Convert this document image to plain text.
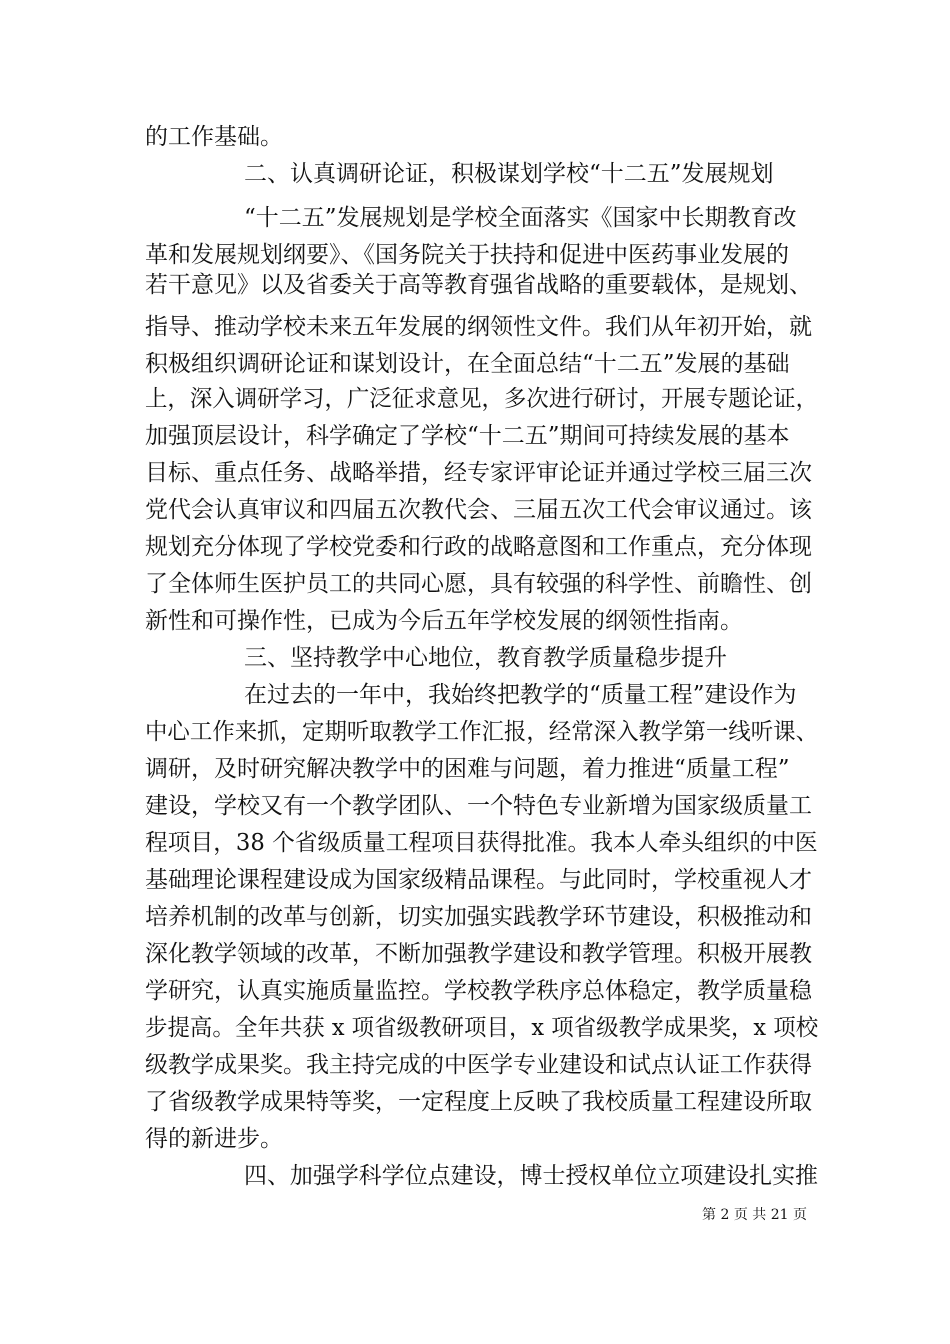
的工作基础。
二、认真调研论证，积极谋划学校“十二五”发展规划
“十二五”发展规划是学校全面落实《国家中长期教育改
革和发展规划纲要》、《国务院关于扶持和促进中医药事业发展的
若干意见》以及省委关于高等教育强省战略的重要载体，是规划、
指导、推动学校未来五年发展的纲领性文件。我们从年初开始，就
积极组织调研论证和谋划设计，在全面总结“十二五”发展的基础
上，深入调研学习，广泛征求意见，多次进行研讨，开展专题论证，
加强顶层设计，科学确定了学校“十二五”期间可持续发展的基本
目标、重点任务、战略举措，经专家评审论证并通过学校三届三次
党代会认真审议和四届五次教代会、三届五次工代会审议通过。该
规划充分体现了学校党委和行政的战略意图和工作重点，充分体现
了全体师生医护员工的共同心愿，具有较强的科学性、前瞻性、创
新性和可操作性，已成为今后五年学校发展的纲领性指南。
三、坚持教学中心地位，教育教学质量稳步提升
在过去的一年中，我始终把教学的“质量工程”建设作为
中心工作来抓，定期听取教学工作汇报，经常深入教学第一线听课、
调研，及时研究解决教学中的困难与问题，着力推进“质量工程”
建设，学校又有一个教学团队、一个特色专业新增为国家级质量工
程项目，38 个省级质量工程项目获得批准。我本人牵头组织的中医
基础理论课程建设成为国家级精品课程。与此同时，学校重视人才
培养机制的改革与创新，切实加强实践教学环节建设，积极推动和
深化教学领域的改革，不断加强教学建设和教学管理。积极开展教
学研究，认真实施质量监控。学校教学秩序总体稳定，教学质量稳
步提高。全年共获 x 项省级教研项目，x 项省级教学成果奖，x 项校
级教学成果奖。我主持完成的中医学专业建设和试点认证工作获得
了省级教学成果特等奖，一定程度上反映了我校质量工程建设所取
得的新进步。
四、加强学科学位点建设，博士授权单位立项建设扎实推
第 2 页 共 21 页
